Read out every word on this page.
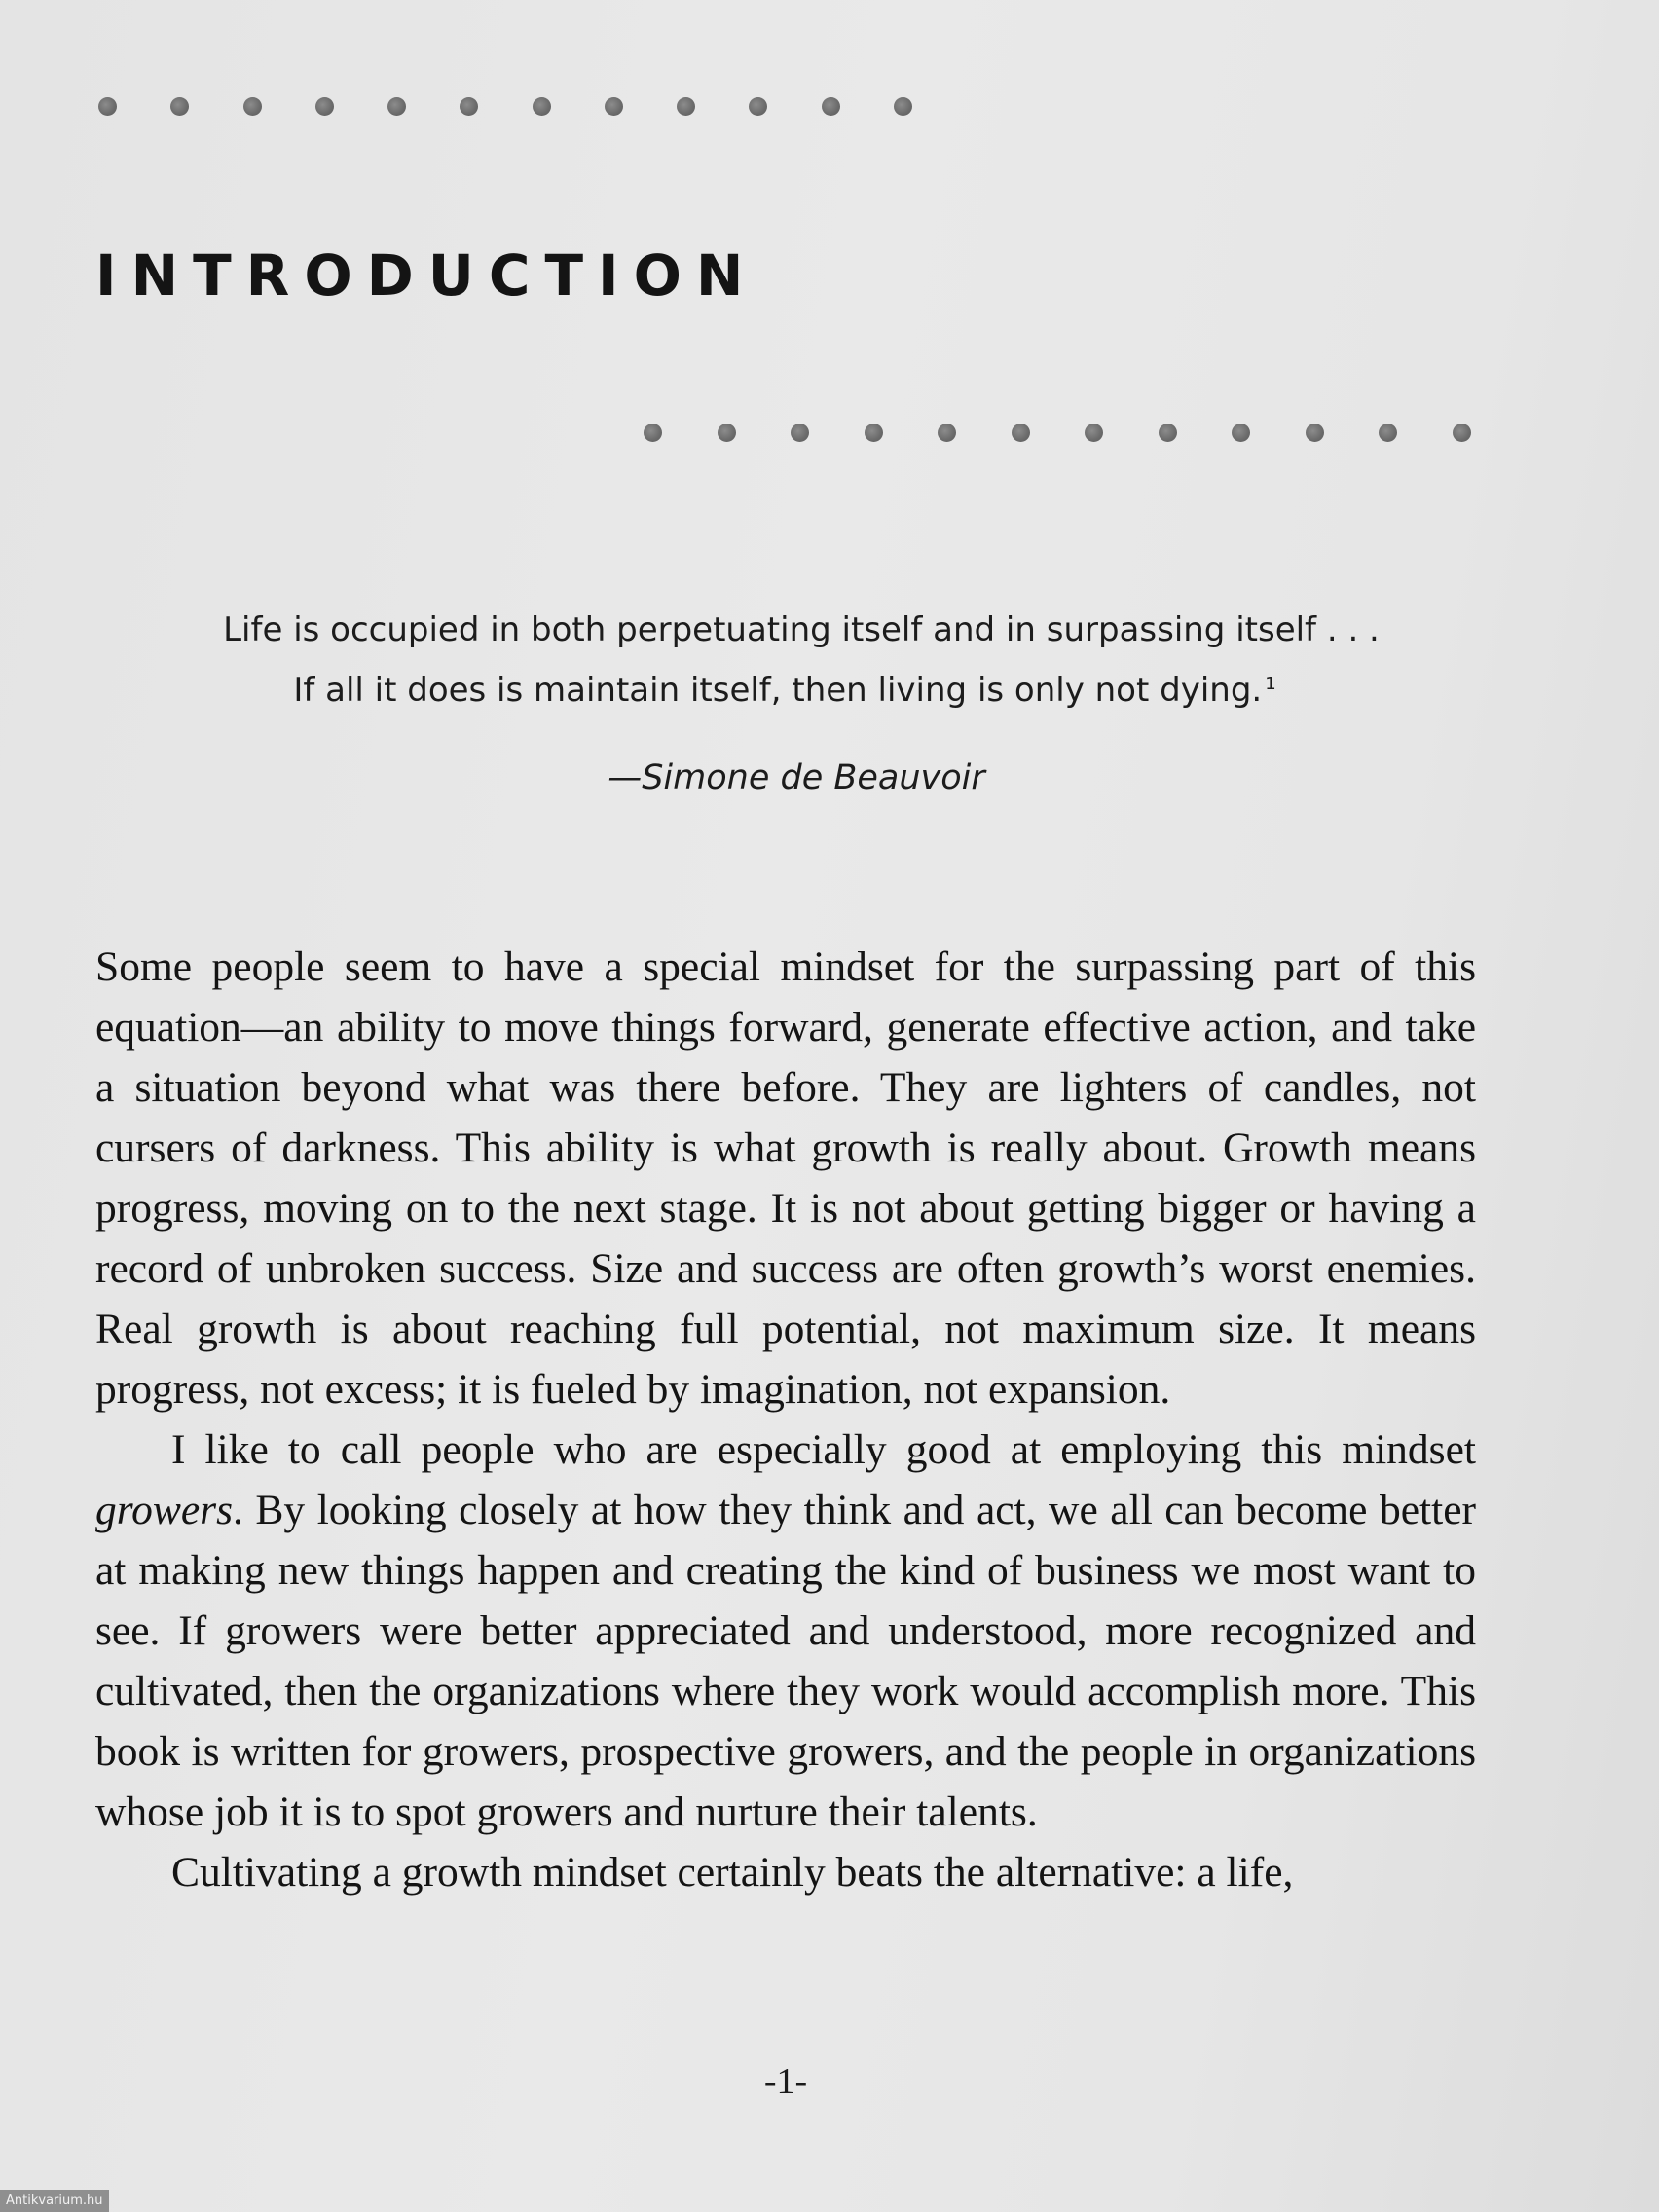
INTRODUCTION
Life is occupied in both perpetuating itself and in surpassing itself . . .
If all it does is maintain itself, then living is only not dying. $^1$
—Simone de Beauvoir

Some people seem to have a special mindset for the surpassing part of this equation—an ability to move things forward, generate effective action, and take a situation beyond what was there before. They are lighters of candles, not cursers of darkness. This ability is what growth is really about. Growth means progress, moving on to the next stage. It is not about getting bigger or having a record of unbroken success. Size and success are often growth’s worst enemies. Real growth is about reaching full potential, not maximum size. It means progress, not excess; it is fueled by imagination, not expansion.

I like to call people who are especially good at employing this mindset growers. By looking closely at how they think and act, we all can become better at making new things happen and creating the kind of business we most want to see. If growers were better appreciated and understood, more recognized and cultivated, then the organizations where they work would accomplish more. This book is written for growers, prospective growers, and the people in organizations whose job it is to spot growers and nurture their talents.

Cultivating a growth mindset certainly beats the alternative: a life,

-1-
Antikvarium.hu
